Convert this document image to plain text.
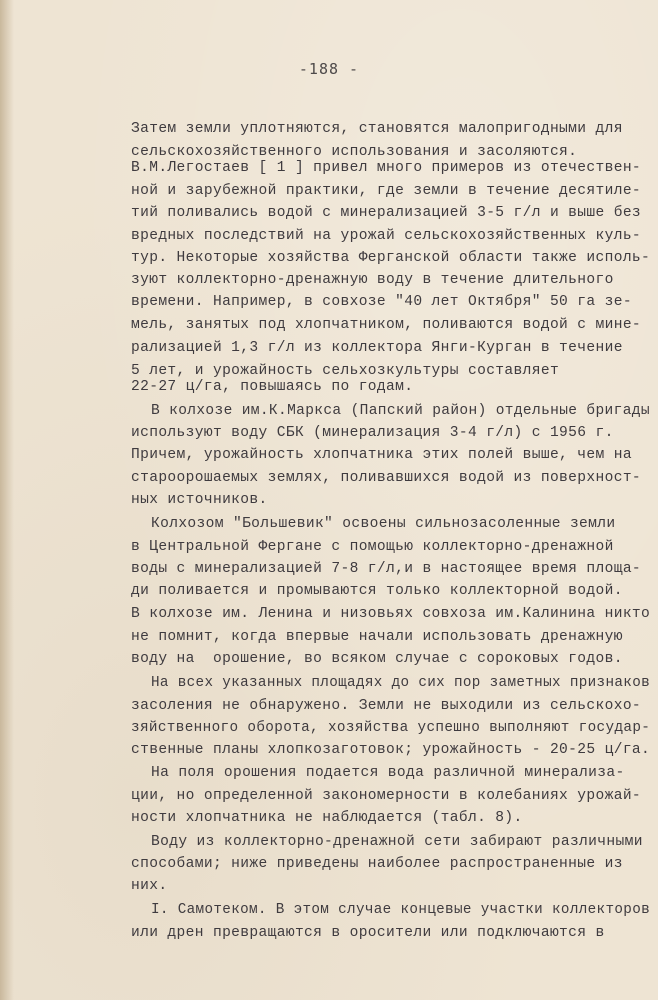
-188 -
Затем земли уплотняются, становятся малопригодными для
сельскохозяйственного использования и засоляются.
В.М.Легостаев [ 1 ] привел много примеров из отечествен-
ной и зарубежной практики, где земли в течение десятиле-
тий поливались водой с минерализацией 3-5 г/л и выше без
вредных последствий на урожай сельскохозяйственных куль-
тур. Некоторые хозяйства Ферганской области также исполь-
зуют коллекторно-дренажную воду в течение длительного
времени. Например, в совхозе "40 лет Октября" 50 га зе-
мель, занятых под хлопчатником, поливаются водой с мине-
рализацией 1,3 г/л из коллектора Янги-Курган в течение
5 лет, и урожайность сельхозкультуры составляет
22-27 ц/га, повышаясь по годам.
В колхозе им.К.Маркса (Папский район) отдельные бригады
используют воду СБК (минерализация 3-4 г/л) с 1956 г.
Причем, урожайность хлопчатника этих полей выше, чем на
староорошаемых землях, поливавшихся водой из поверхност-
ных источников.
Колхозом "Большевик" освоены сильнозасоленные земли
в Центральной Фергане с помощью коллекторно-дренажной
воды с минерализацией 7-8 г/л,и в настоящее время площа-
ди поливается и промываются только коллекторной водой.
В колхозе им. Ленина и низовьях совхоза им.Калинина никто
не помнит, когда впервые начали использовать дренажную
воду на  орошение, во всяком случае с сороковых годов.
На всех указанных площадях до сих пор заметных признаков
засоления не обнаружено. Земли не выходили из сельскохо-
зяйственного оборота, хозяйства успешно выполняют государ-
ственные планы хлопкозаготовок; урожайность - 20-25 ц/га.
На поля орошения подается вода различной минерализа-
ции, но определенной закономерности в колебаниях урожай-
ности хлопчатника не наблюдается (табл. 8).
Воду из коллекторно-дренажной сети забирают различными
способами; ниже приведены наиболее распространенные из
них.
I. Самотеком. В этом случае концевые участки коллекторов
или дрен превращаются в оросители или подключаются в
